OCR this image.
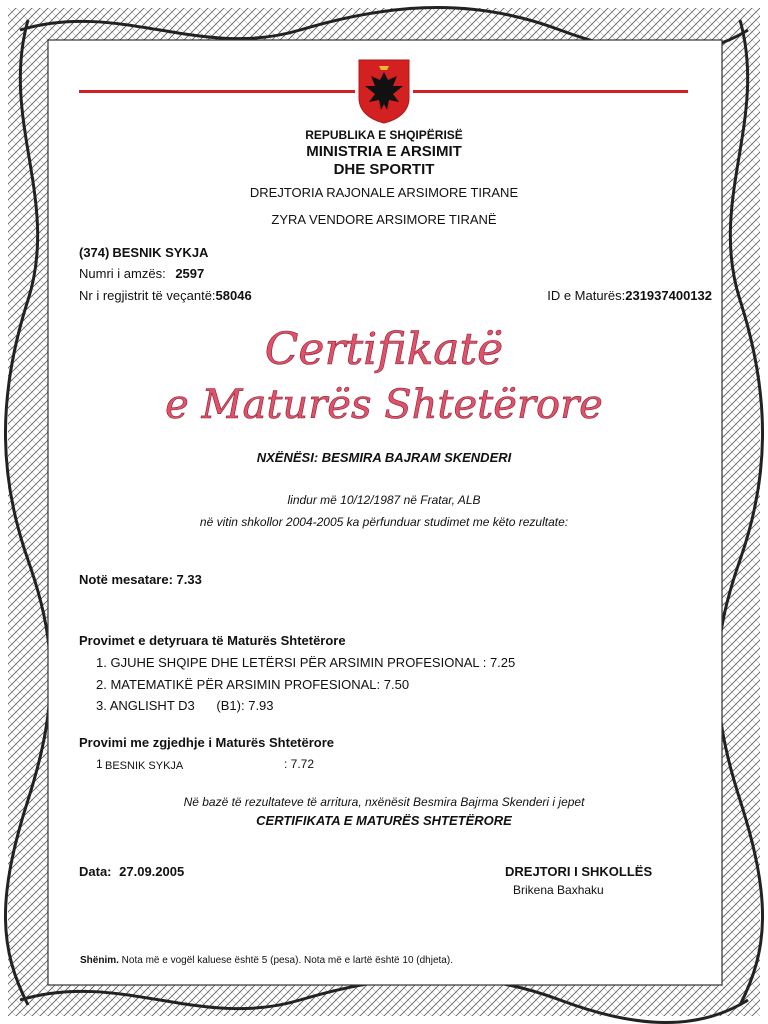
REPUBLIKA E SHQIPËRISË
MINISTRIA E ARSIMIT
DHE SPORTIT
DREJTORIA RAJONALE ARSIMORE TIRANE
ZYRA VENDORE ARSIMORE TIRANË
(374) BESNIK SYKJA
Numri i amzës: 2597
Nr i regjistrit të veçantë:58046	ID e Maturës:231937400132
Certifikatë
e Maturës Shtetërore
NXËNËSI: BESMIRA BAJRAM SKENDERI
lindur më 10/12/1987 në Fratar, ALB
në vitin shkollor 2004-2005 ka përfunduar studimet me këto rezultate:
Notë mesatare: 7.33
Provimet e detyruara të Maturës Shtetërore
1. GJUHE SHQIPE DHE LETËRSI PËR ARSIMIN PROFESIONAL : 7.25
2. MATEMATIKË PËR ARSIMIN PROFESIONAL: 7.50
3. ANGLISHT D3      (B1): 7.93
Provimi me zgjedhje i Maturës Shtetërore
1 BESNIK SYKJA	: 7.72
Në bazë të rezultateve të arritura, nxënësit Besmira Bajrma Skenderi i jepet
CERTIFIKATA E MATURËS SHTETËRORE
Data: 27.09.2005	DREJTORI I SHKOLLËS
Brikena Baxhaku
Shënim. Nota më e vogël kaluese është 5 (pesa). Nota më e lartë është 10 (dhjeta).
